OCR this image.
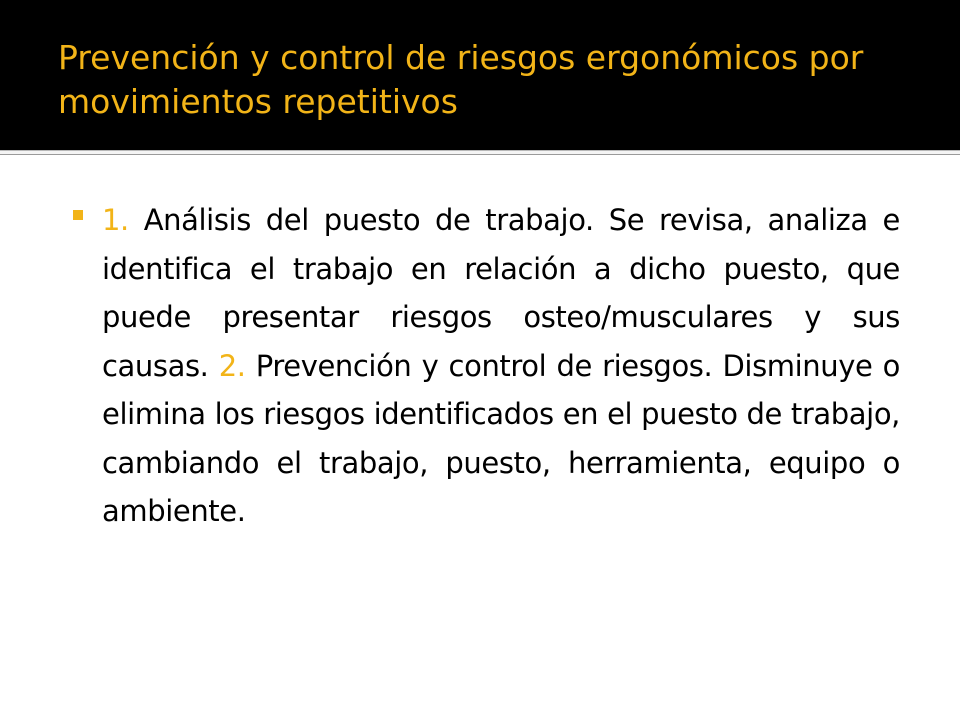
Prevención y control de riesgos ergonómicos por movimientos repetitivos

1. Análisis del puesto de trabajo. Se revisa, analiza e identifica el trabajo en relación a dicho puesto, que puede presentar riesgos osteo/musculares y sus causas. 2. Prevención y control de riesgos. Disminuye o elimina los riesgos identificados en el puesto de trabajo, cambiando el trabajo, puesto, herramienta, equipo o ambiente.
